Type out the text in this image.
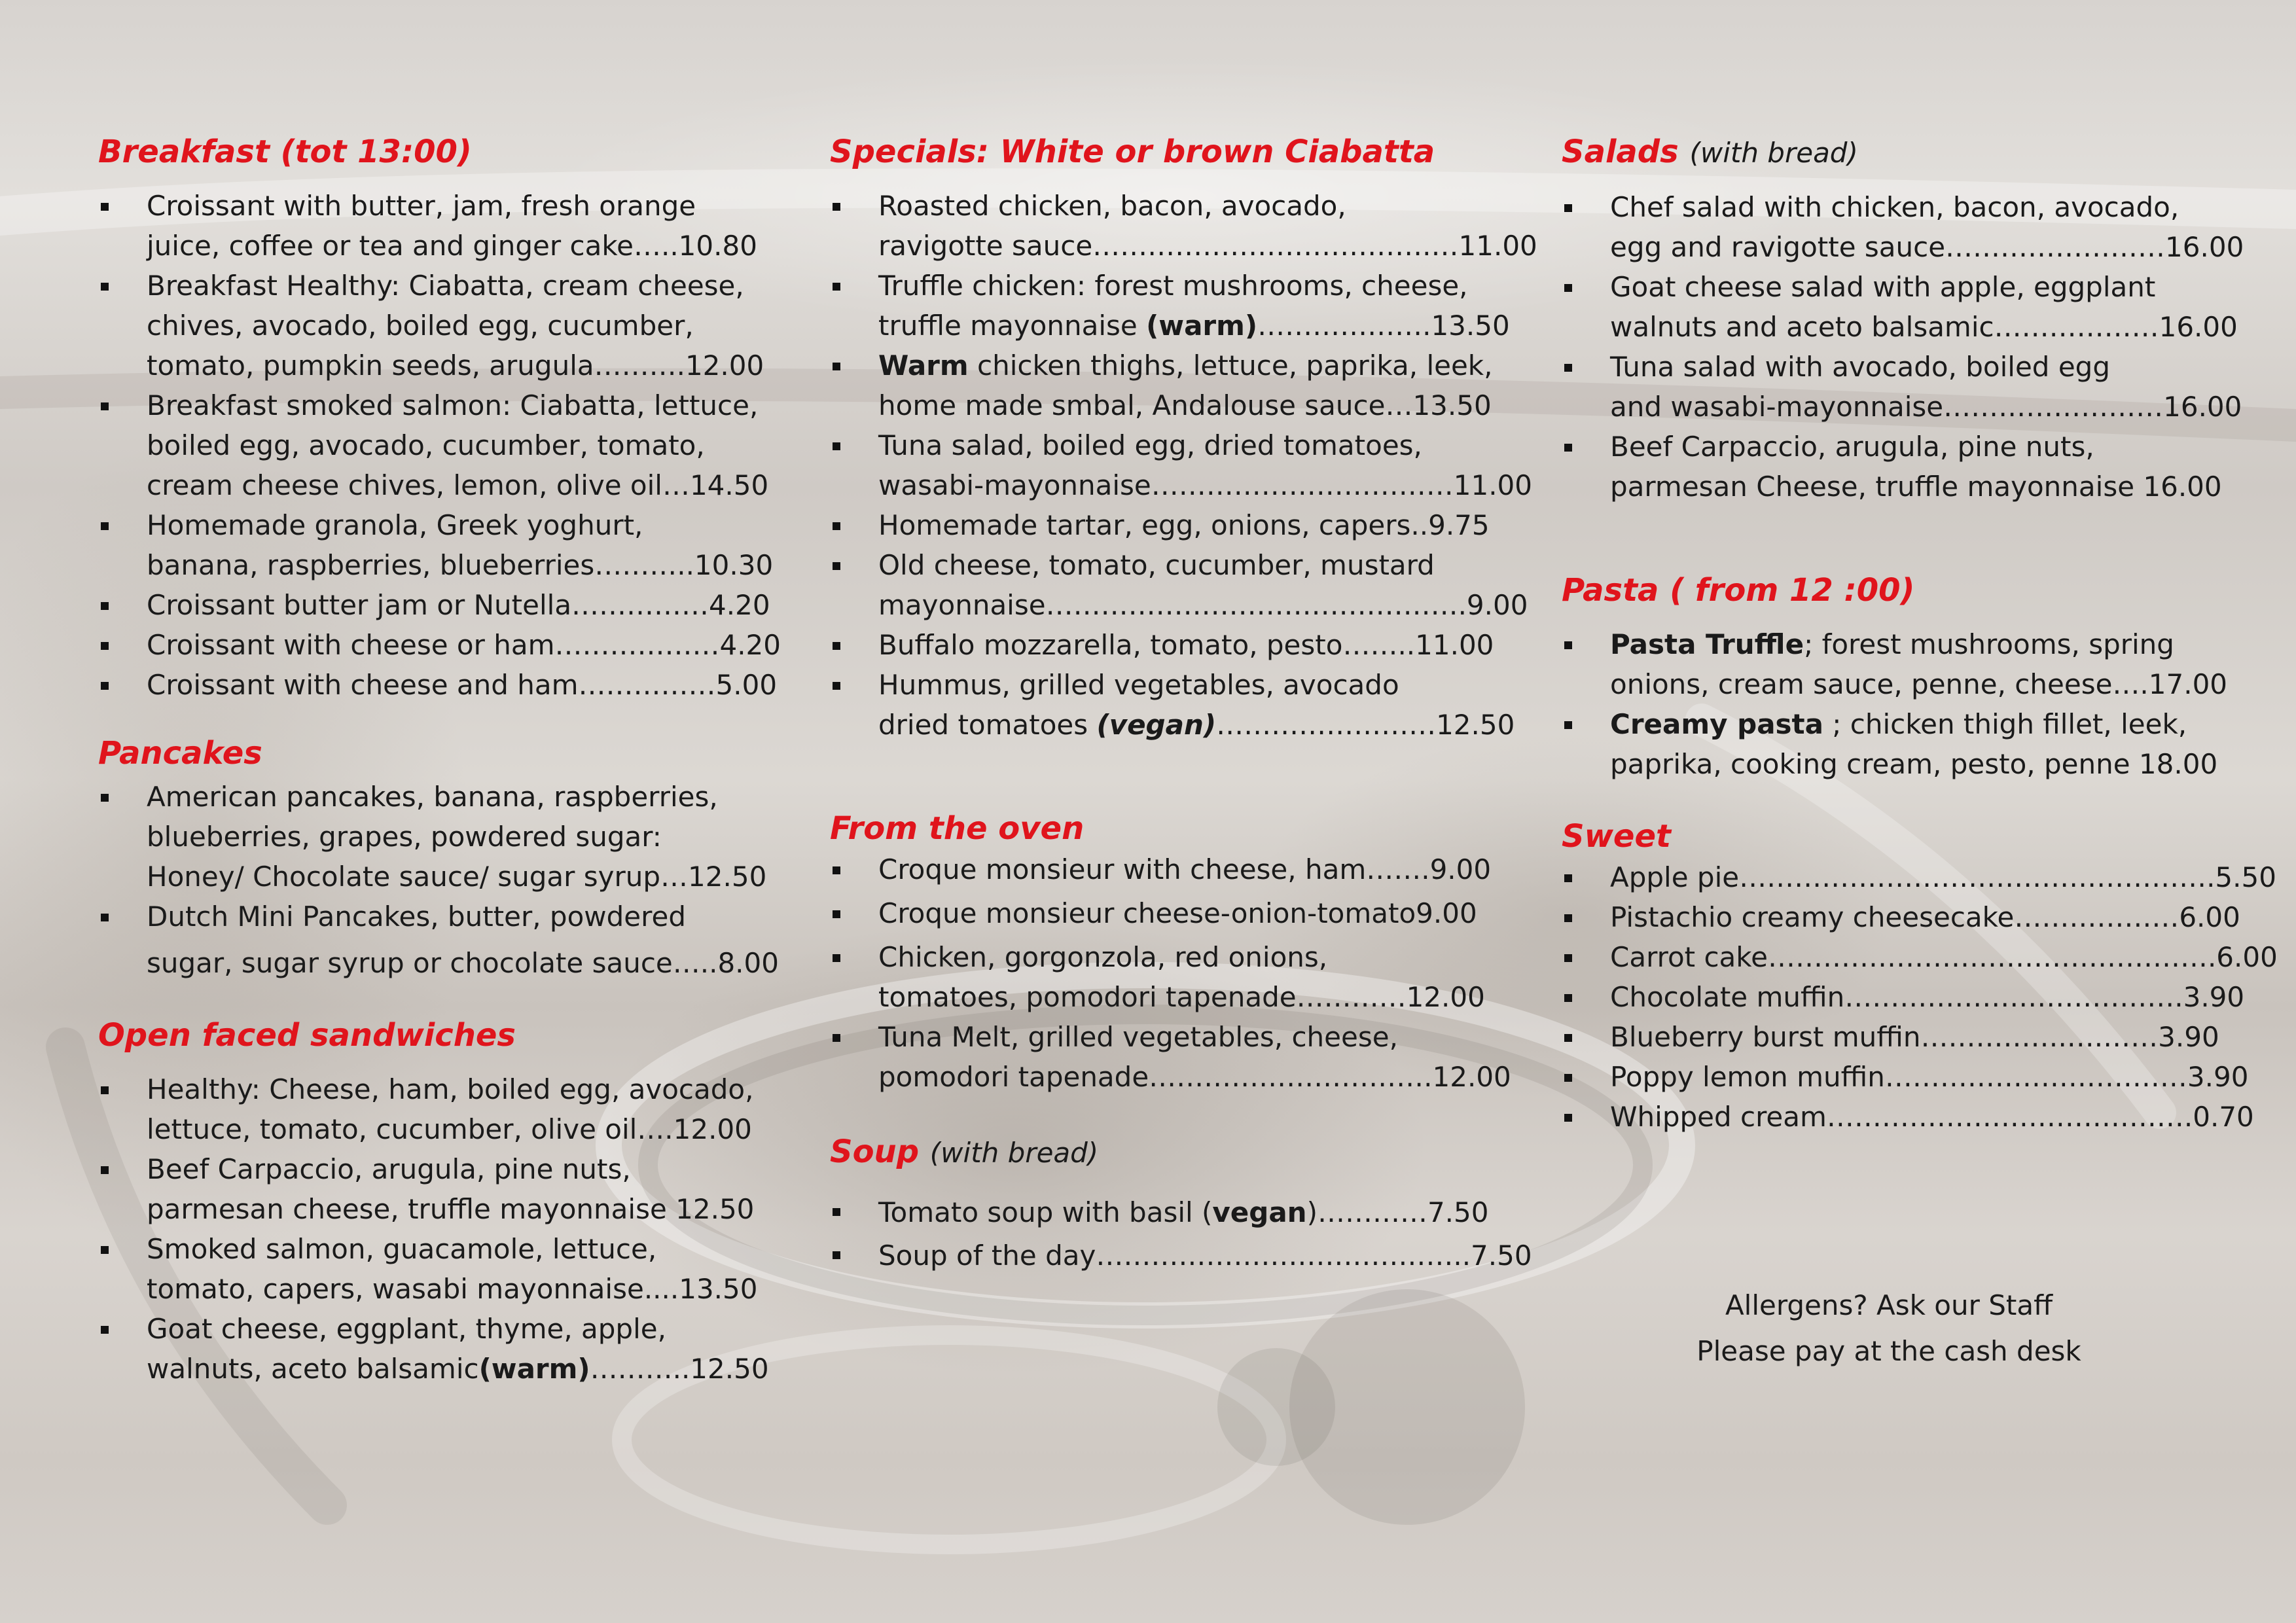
Breakfast (tot 13:00)
Croissant with butter, jam, fresh orange
juice, coffee or tea and ginger cake…..10.80
Breakfast Healthy: Ciabatta, cream cheese,
chives, avocado, boiled egg, cucumber,
tomato, pumpkin seeds, arugula……….12.00
Breakfast smoked salmon: Ciabatta, lettuce,
boiled egg, avocado, cucumber, tomato,
cream cheese chives, lemon, olive oil…14.50
Homemade granola, Greek yoghurt,
banana, raspberries, blueberries………..10.30
Croissant butter jam or Nutella……………4.20
Croissant with cheese or ham………………4.20
Croissant with cheese and ham……………5.00
Pancakes
American pancakes, banana, raspberries,
blueberries, grapes, powdered sugar:
Honey/ Chocolate sauce/ sugar syrup…12.50
Dutch Mini Pancakes, butter, powdered
sugar, sugar syrup or chocolate sauce…..8.00
Open faced sandwiches
Healthy: Cheese, ham, boiled egg, avocado,
lettuce, tomato, cucumber, olive oil….12.00
Beef Carpaccio, arugula, pine nuts,
parmesan cheese, truffle mayonnaise 12.50
Smoked salmon, guacamole, lettuce,
tomato, capers, wasabi mayonnaise....13.50
Goat cheese, eggplant, thyme, apple,
walnuts, aceto balsamic(warm)………..12.50
Specials: White or brown Ciabatta
Roasted chicken, bacon, avocado,
ravigotte sauce……………………………….…11.00
Truffle chicken: forest mushrooms, cheese,
truffle mayonnaise (warm)……………….13.50
Warm chicken thighs, lettuce, paprika, leek,
home made smbal, Andalouse sauce…13.50
Tuna salad, boiled egg, dried tomatoes,
wasabi-mayonnaise……………………………11.00
Homemade tartar, egg, onions, capers..9.75
Old cheese, tomato, cucumber, mustard
mayonnaise……………………………………….9.00
Buffalo mozzarella, tomato, pesto……..11.00
Hummus, grilled vegetables, avocado
dried tomatoes (vegan)……………………12.50
From the oven
Croque monsieur with cheese, ham…….9.00
Croque monsieur cheese-onion-tomato9.00
Chicken, gorgonzola, red onions,
tomatoes, pomodori tapenade…………12.00
Tuna Melt, grilled vegetables, cheese,
pomodori tapenade………………………….12.00
Soup (with bread)
Tomato soup with basil (vegan)…………7.50
Soup of the day…………………………………..7.50
Salads (with bread)
Chef salad with chicken, bacon, avocado,
egg and ravigotte sauce……………………16.00
Goat cheese salad with apple, eggplant
walnuts and aceto balsamic………………16.00
Tuna salad with avocado, boiled egg
and wasabi-mayonnaise……………………16.00
Beef Carpaccio, arugula, pine nuts,
parmesan Cheese, truffle mayonnaise 16.00
Pasta ( from 12 :00)
Pasta Truffle; forest mushrooms, spring
onions, cream sauce, penne, cheese….17.00
Creamy pasta ; chicken thigh fillet, leek,
paprika, cooking cream, pesto, penne 18.00
Sweet
Apple pie…………………………………………….5.50
Pistachio creamy cheesecake………………6.00
Carrot cake………………………………………….6.00
Chocolate muffin……………………………….3.90
Blueberry burst muffin…………….….……3.90
Poppy lemon muffin……………………………3.90
Whipped cream………………………………….0.70
Allergens? Ask our Staff
Please pay at the cash desk
